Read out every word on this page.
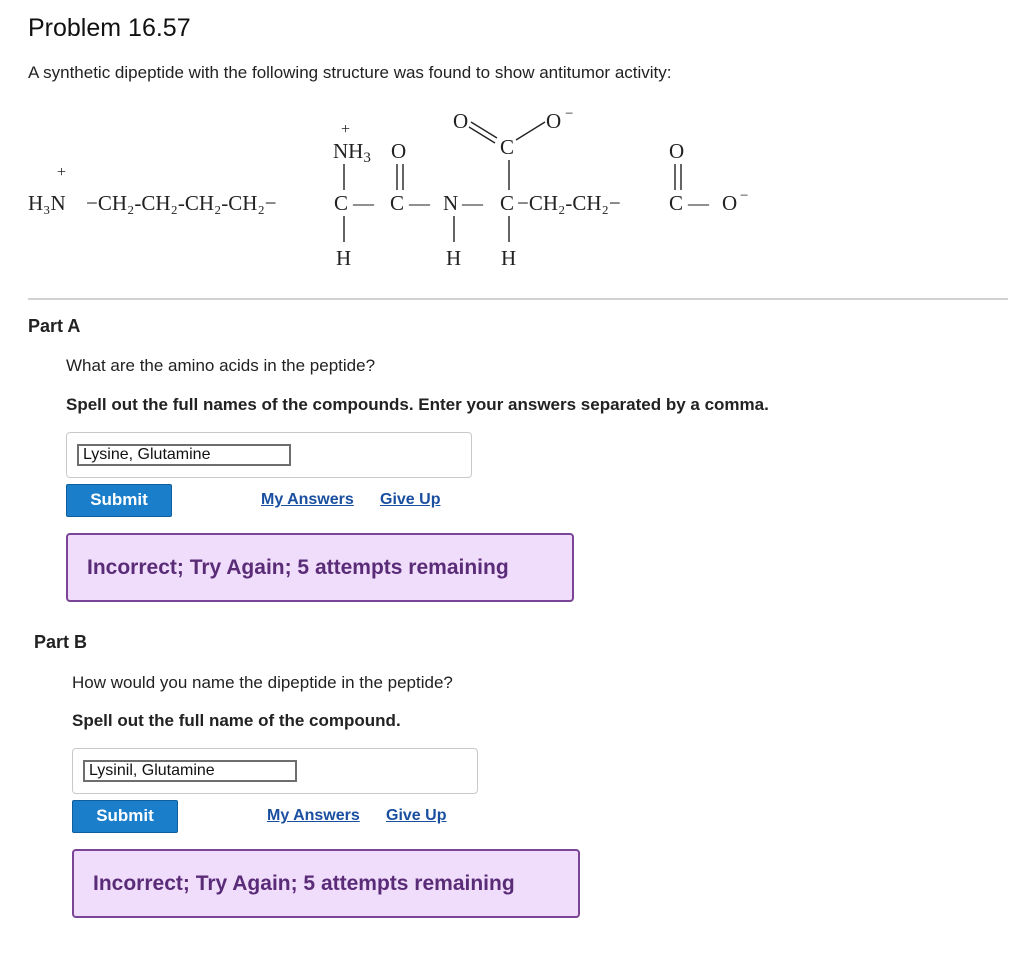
Problem 16.57
A synthetic dipeptide with the following structure was found to show antitumor activity:
H₃N
+
−CH₂-CH₂-CH₂-CH₂−	C — C — N — C −CH₂-CH₂− C — O −
NH3
+
O
O
C
O −
O
H	H H
Part A
What are the amino acids in the peptide?
Spell out the full names of the compounds. Enter your answers separated by a comma.
Lysine, Glutamine
Submit	My Answers Give Up
Incorrect; Try Again; 5 attempts remaining
Part B
How would you name the dipeptide in the peptide?
Spell out the full name of the compound.
Lysinil, Glutamine
Submit	My Answers Give Up
Incorrect; Try Again; 5 attempts remaining
